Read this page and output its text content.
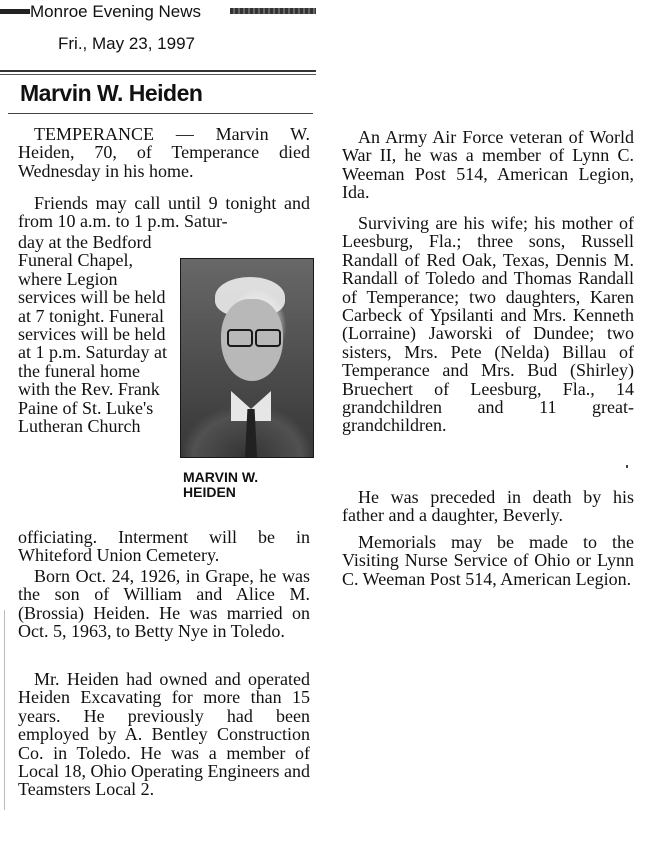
Monroe Evening News
Fri., May 23, 1997
Marvin W. Heiden

TEMPERANCE — Marvin W. Heiden, 70, of Temperance died Wednesday in his home.

Friends may call until 9 tonight and from 10 a.m. to 1 p.m. Satur-

day at the Bedford Funeral Chapel, where Legion services will be held at 7 tonight. Funeral services will be held at 1 p.m. Saturday at the funeral home with the Rev. Frank Paine of St. Luke's Lutheran Church

MARVIN W.
HEIDEN

officiating. Interment will be in Whiteford Union Cemetery.

Born Oct. 24, 1926, in Grape, he was the son of William and Alice M. (Brossia) Heiden. He was married on Oct. 5, 1963, to Betty Nye in Toledo.

Mr. Heiden had owned and operated Heiden Excavating for more than 15 years. He previously had been employed by A. Bentley Construction Co. in Toledo. He was a member of Local 18, Ohio Operating Engineers and Teamsters Local 2.

An Army Air Force veteran of World War II, he was a member of Lynn C. Weeman Post 514, American Legion, Ida.

Surviving are his wife; his mother of Leesburg, Fla.; three sons, Russell Randall of Red Oak, Texas, Dennis M. Randall of Toledo and Thomas Randall of Temperance; two daughters, Karen Carbeck of Ypsilanti and Mrs. Kenneth (Lorraine) Jaworski of Dundee; two sisters, Mrs. Pete (Nelda) Billau of Temperance and Mrs. Bud (Shirley) Bruechert of Leesburg, Fla., 14 grandchildren and 11 great-grandchildren.

He was preceded in death by his father and a daughter, Beverly.

Memorials may be made to the Visiting Nurse Service of Ohio or Lynn C. Weeman Post 514, American Legion.
